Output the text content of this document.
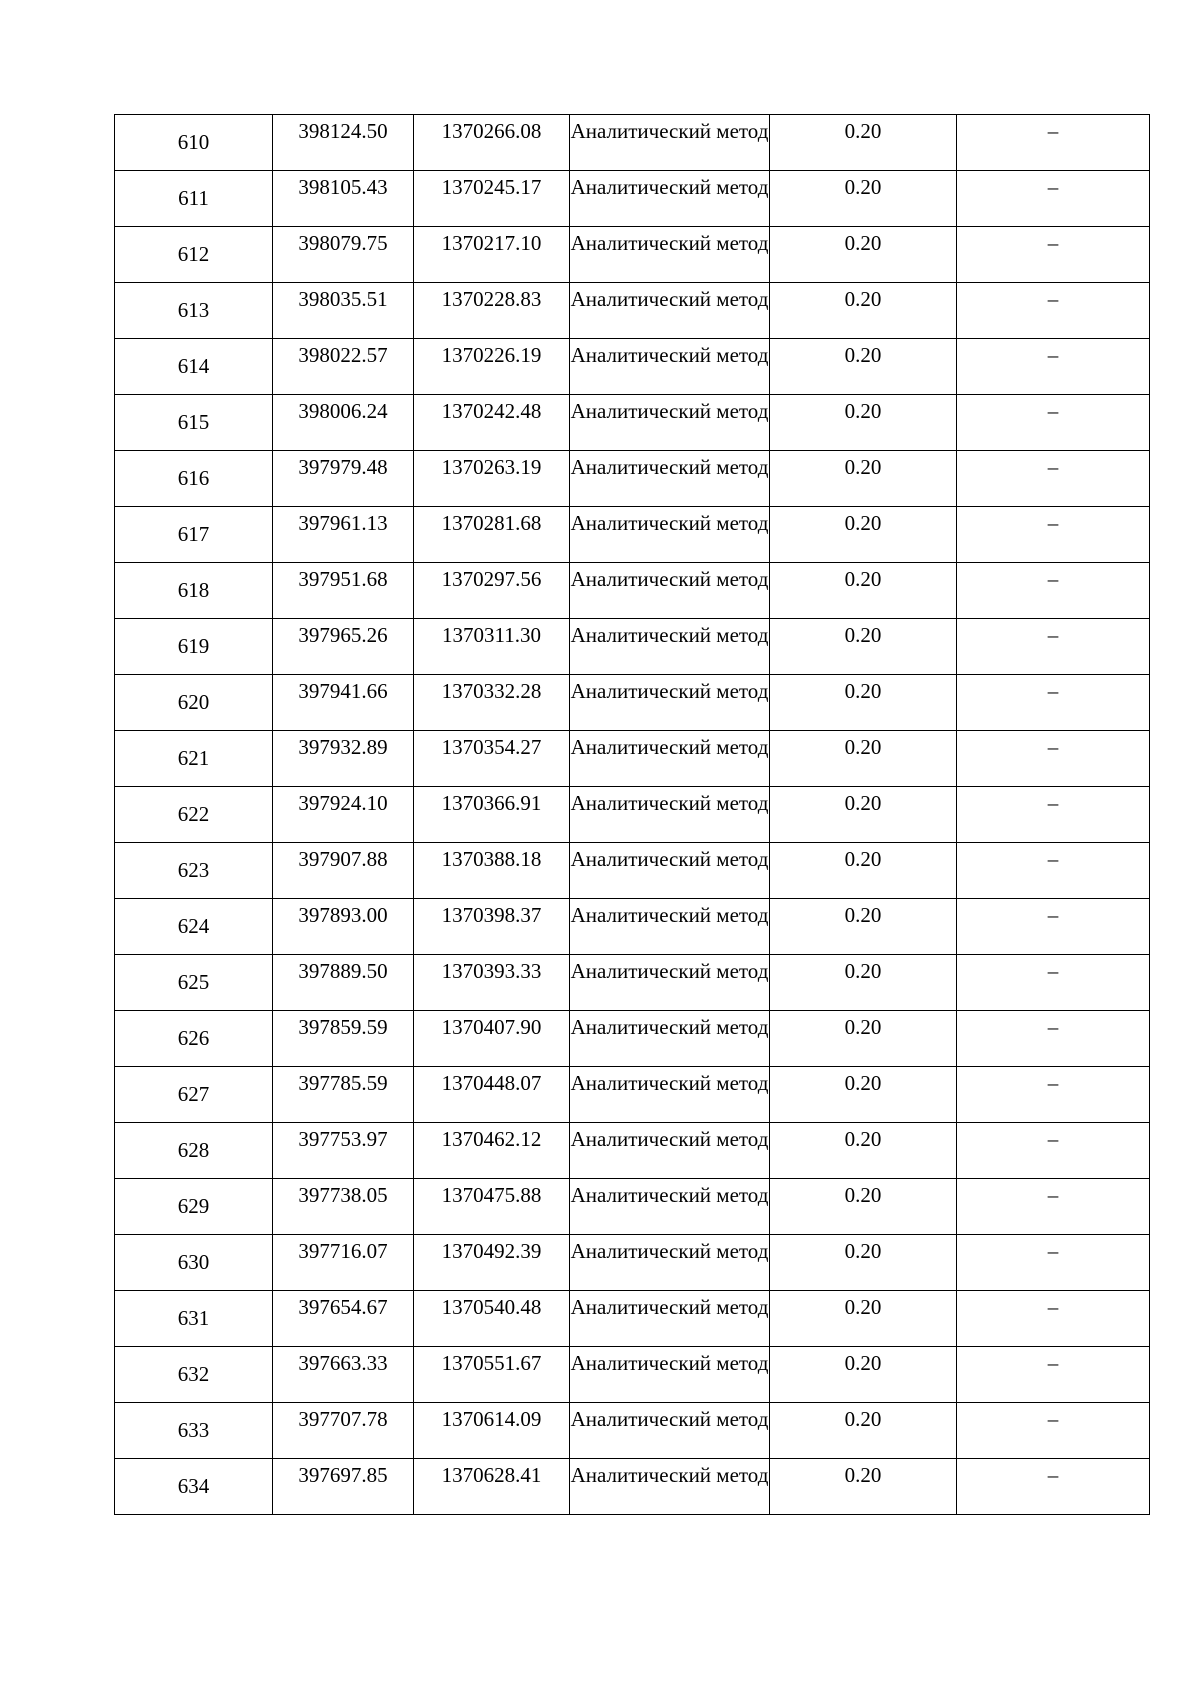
610	398124.50	1370266.08	Аналитический метод	0.20	–
611	398105.43	1370245.17	Аналитический метод	0.20	–
612	398079.75	1370217.10	Аналитический метод	0.20	–
613	398035.51	1370228.83	Аналитический метод	0.20	–
614	398022.57	1370226.19	Аналитический метод	0.20	–
615	398006.24	1370242.48	Аналитический метод	0.20	–
616	397979.48	1370263.19	Аналитический метод	0.20	–
617	397961.13	1370281.68	Аналитический метод	0.20	–
618	397951.68	1370297.56	Аналитический метод	0.20	–
619	397965.26	1370311.30	Аналитический метод	0.20	–
620	397941.66	1370332.28	Аналитический метод	0.20	–
621	397932.89	1370354.27	Аналитический метод	0.20	–
622	397924.10	1370366.91	Аналитический метод	0.20	–
623	397907.88	1370388.18	Аналитический метод	0.20	–
624	397893.00	1370398.37	Аналитический метод	0.20	–
625	397889.50	1370393.33	Аналитический метод	0.20	–
626	397859.59	1370407.90	Аналитический метод	0.20	–
627	397785.59	1370448.07	Аналитический метод	0.20	–
628	397753.97	1370462.12	Аналитический метод	0.20	–
629	397738.05	1370475.88	Аналитический метод	0.20	–
630	397716.07	1370492.39	Аналитический метод	0.20	–
631	397654.67	1370540.48	Аналитический метод	0.20	–
632	397663.33	1370551.67	Аналитический метод	0.20	–
633	397707.78	1370614.09	Аналитический метод	0.20	–
634	397697.85	1370628.41	Аналитический метод	0.20	–
